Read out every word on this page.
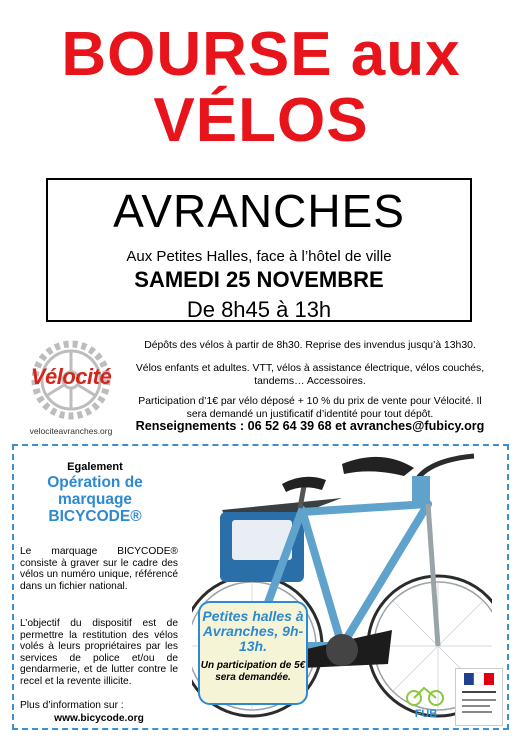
BOURSE aux
VÉLOS
AVRANCHES
Aux Petites Halles, face à l’hôtel de ville
SAMEDI 25 NOVEMBRE
De 8h45 à 13h
Vélocité
velociteavranches.org
Dépôts des vélos à partir de 8h30. Reprise des invendus jusqu’à 13h30.
Vélos enfants et adultes. VTT, vélos à assistance électrique, vélos couchés, tandems… Accessoires.
Participation d’1€ par vélo déposé + 10 % du prix de vente pour Vélocité. Il sera demandé un justificatif d’identité pour tout dépôt.
Renseignements : 06 52 64 39 68 et avranches@fubicy.org
Egalement
Opération de marquage BICYCODE®
Le marquage BICYCODE® consiste à graver sur le cadre des vélos un numéro unique, référencé dans un fichier national.
L’objectif du dispositif est de permettre la restitution des vélos volés à leurs propriétaires par les services de police et/ou de gendarmerie, et de lutter contre le recel et la revente illicite.
Plus d’information sur :
www.bicycode.org
Petites halles à Avranches, 9h-13h.
Un participation de 5€ sera demandée.
FUB
